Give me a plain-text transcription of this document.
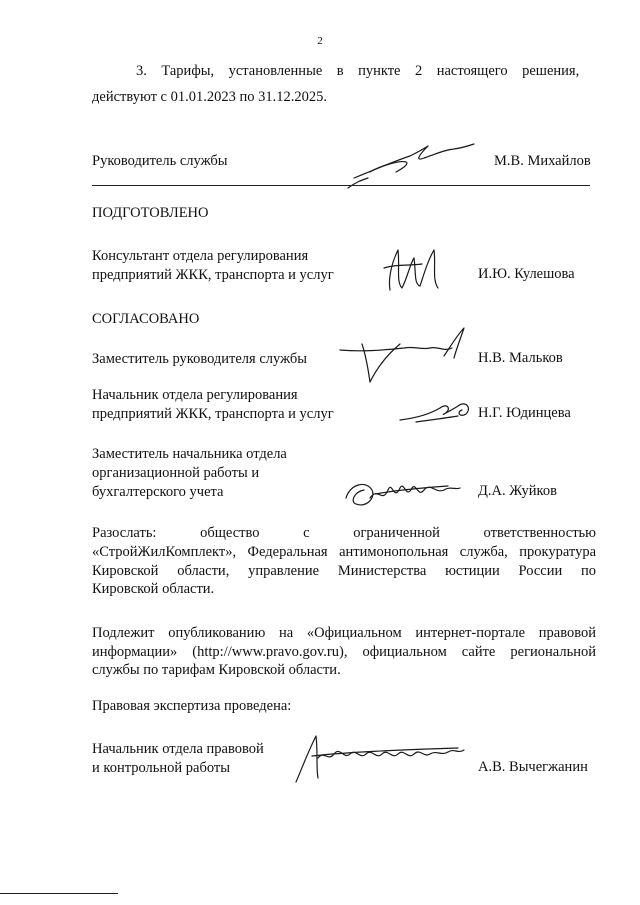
2
3. Тарифы, установленные в пункте 2 настоящего решения,
действуют с 01.01.2023 по 31.12.2025.
Руководитель службы	М.В. Михайлов
ПОДГОТОВЛЕНО
Консультант отдела регулирования
предприятий ЖКК, транспорта и услуг	И.Ю. Кулешова
СОГЛАСОВАНО
Заместитель руководителя службы	Н.В. Мальков
Начальник отдела регулирования
предприятий ЖКК, транспорта и услуг	Н.Г. Юдинцева
Заместитель начальника отдела
организационной работы и
бухгалтерского учета	Д.А. Жуйков
Разослать: общество с ограниченной ответственностью
«СтройЖилКомплект», Федеральная антимонопольная служба, прокуратура
Кировской области, управление Министерства юстиции России по
Кировской области.
Подлежит опубликованию на «Официальном интернет-портале правовой
информации» (http://www.pravo.gov.ru), официальном сайте региональной
службы по тарифам Кировской области.
Правовая экспертиза проведена:
Начальник отдела правовой
и контрольной работы	А.В. Вычегжанин
